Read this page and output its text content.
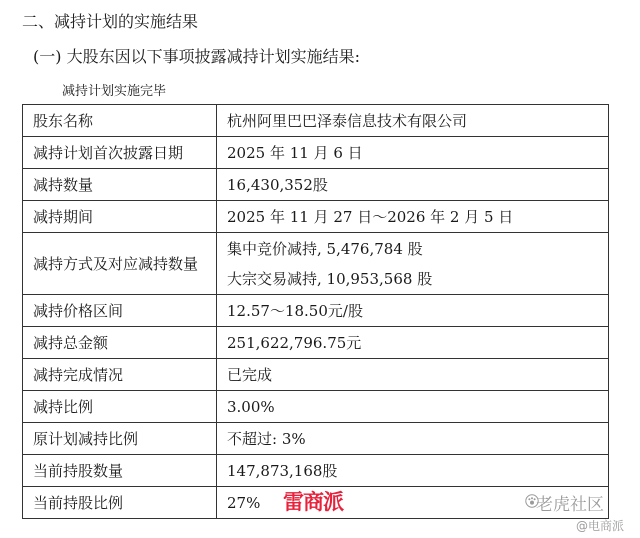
二、减持计划的实施结果
(一) 大股东因以下事项披露减持计划实施结果:
减持计划实施完毕
股东名称	杭州阿里巴巴泽泰信息技术有限公司
减持计划首次披露日期	2025 年 11 月 6 日
减持数量	16,430,352股
减持期间	2025 年 11 月 27 日～2026 年 2 月 5 日
减持方式及对应减持数量	集中竞价减持, 5,476,784 股
大宗交易减持, 10,953,568 股

减持价格区间	12.57～18.50元/股
减持总金额	251,622,796.75元
减持完成情况	已完成
减持比例	3.00%
原计划减持比例	不超过: 3%
当前持股数量	147,873,168股
当前持股比例	27% 雷商派	老虎社区
@电商派
